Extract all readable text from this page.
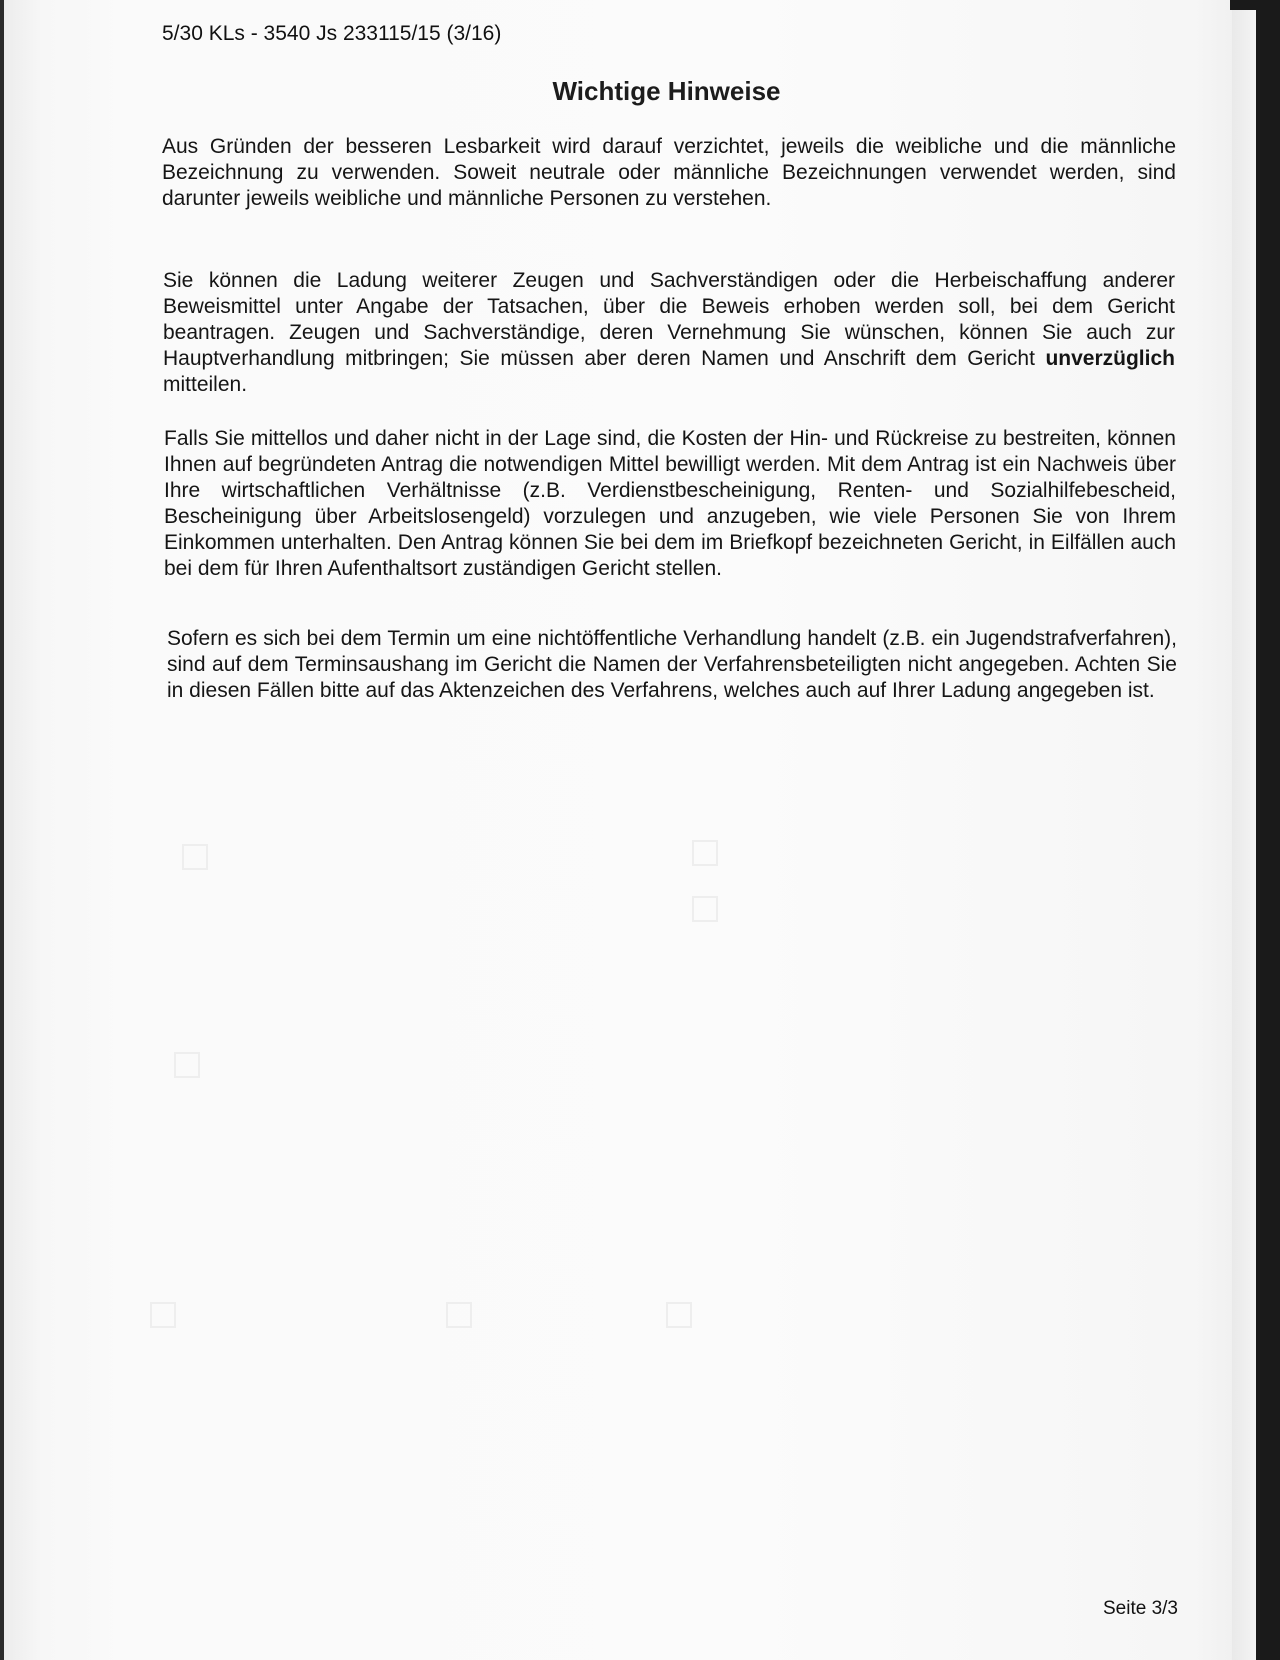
5/30 KLs - 3540 Js 233115/15 (3/16)
Wichtige Hinweise
Aus Gründen der besseren Lesbarkeit wird darauf verzichtet, jeweils die weibliche und die männliche Bezeichnung zu verwenden. Soweit neutrale oder männliche Bezeichnungen verwendet werden, sind darunter jeweils weibliche und männliche Personen zu verstehen.
Sie können die Ladung weiterer Zeugen und Sachverständigen oder die Herbeischaffung anderer Beweismittel unter Angabe der Tatsachen, über die Beweis erhoben werden soll, bei dem Gericht beantragen. Zeugen und Sachverständige, deren Vernehmung Sie wünschen, können Sie auch zur Hauptverhandlung mitbringen; Sie müssen aber deren Namen und Anschrift dem Gericht unverzüglich mitteilen.
Falls Sie mittellos und daher nicht in der Lage sind, die Kosten der Hin- und Rückreise zu bestreiten, können Ihnen auf begründeten Antrag die notwendigen Mittel bewilligt werden. Mit dem Antrag ist ein Nachweis über Ihre wirtschaftlichen Verhältnisse (z.B. Verdienstbescheinigung, Renten- und Sozialhilfebescheid, Bescheinigung über Arbeitslosengeld) vorzulegen und anzugeben, wie viele Personen Sie von Ihrem Einkommen unterhalten. Den Antrag können Sie bei dem im Briefkopf bezeichneten Gericht, in Eilfällen auch bei dem für Ihren Aufenthaltsort zuständigen Gericht stellen.
Sofern es sich bei dem Termin um eine nichtöffentliche Verhandlung handelt (z.B. ein Jugendstrafverfahren), sind auf dem Terminsaushang im Gericht die Namen der Verfahrensbeteiligten nicht angegeben. Achten Sie in diesen Fällen bitte auf das Aktenzeichen des Verfahrens, welches auch auf Ihrer Ladung angegeben ist.
Seite 3/3
